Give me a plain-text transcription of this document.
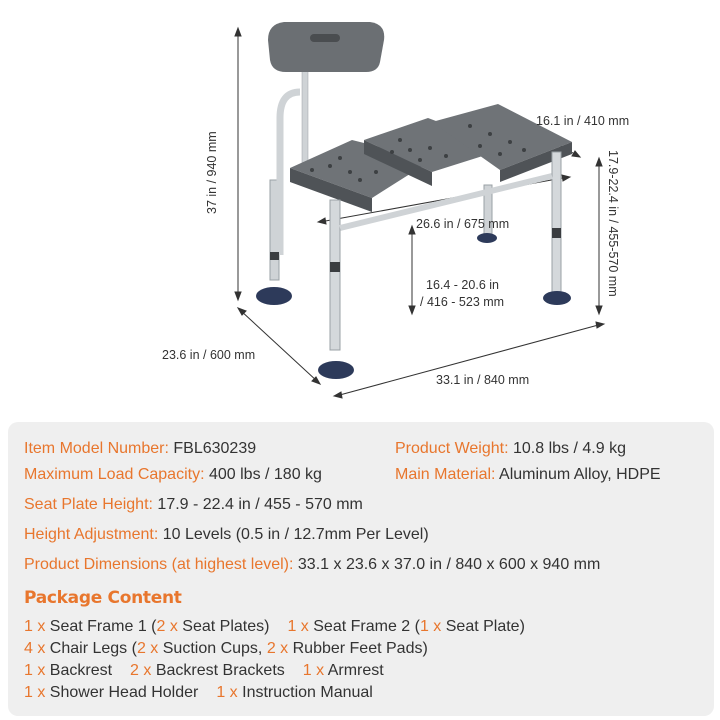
37 in / 940 mm
16.1 in / 410 mm
26.6 in / 675 mm	17.9-22.4 in / 455-570 mm
16.4 - 20.6 in
/ 416 - 523 mm
23.6 in / 600 mm
33.1 in / 840 mm
Item Model Number: FBL630239	Product Weight: 10.8 lbs / 4.9 kg
Maximum Load Capacity: 400 lbs / 180 kg	Main Material: Aluminum Alloy, HDPE
Seat Plate Height: 17.9 - 22.4 in / 455 - 570 mm
Height Adjustment: 10 Levels (0.5 in / 12.7mm Per Level)
Product Dimensions (at highest level): 33.1 x 23.6 x 37.0 in / 840 x 600 x 940 mm
Package Content
1 x Seat Frame 1 (2 x Seat Plates) 1 x Seat Frame 2 (1 x Seat Plate)
4 x Chair Legs (2 x Suction Cups, 2 x Rubber Feet Pads)
1 x Backrest 2 x Backrest Brackets 1 x Armrest
1 x Shower Head Holder 1 x Instruction Manual
